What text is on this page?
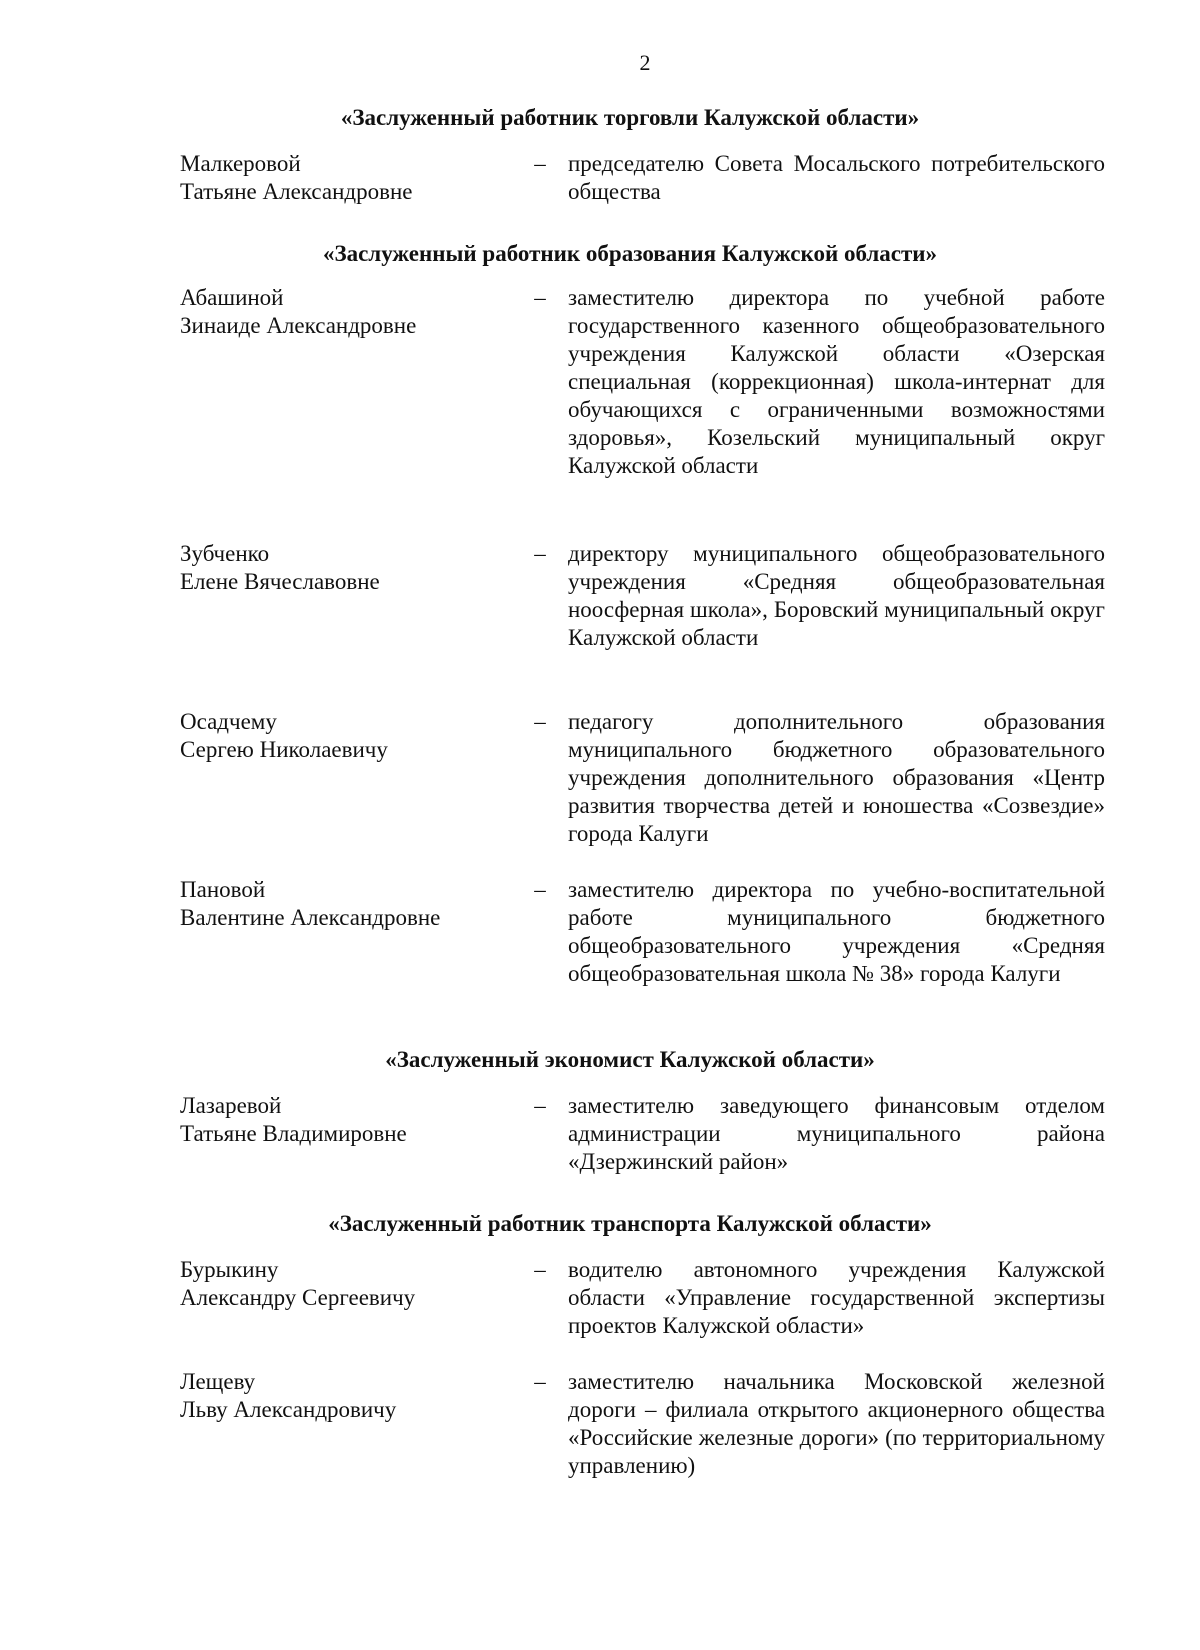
2
«Заслуженный работник торговли Калужской области»
Малкеровой
Татьяне Александровне
– председателю Совета Мосальского потребительского общества
«Заслуженный работник образования Калужской области»
Абашиной
Зинаиде Александровне
– заместителю директора по учебной работе государственного казенного общеобразовательного учреждения Калужской области «Озерская специальная (коррекционная) школа-интернат для обучающихся с ограниченными возможностями здоровья», Козельский муниципальный округ Калужской области
Зубченко
Елене Вячеславовне
– директору муниципального общеобразовательного учреждения «Средняя общеобразовательная ноосферная школа», Боровский муниципальный округ Калужской области
Осадчему
Сергею Николаевичу
– педагогу дополнительного образования муниципального бюджетного образовательного учреждения дополнительного образования «Центр развития творчества детей и юношества «Созвездие» города Калуги
Пановой
Валентине Александровне
– заместителю директора по учебно-воспитательной работе муниципального бюджетного общеобразовательного учреждения «Средняя общеобразовательная школа № 38» города Калуги
«Заслуженный экономист Калужской области»
Лазаревой
Татьяне Владимировне
– заместителю заведующего финансовым отделом администрации муниципального района «Дзержинский район»
«Заслуженный работник транспорта Калужской области»
Бурыкину
Александру Сергеевичу
– водителю автономного учреждения Калужской области «Управление государственной экспертизы проектов Калужской области»
Лещеву
Льву Александровичу
– заместителю начальника Московской железной дороги – филиала открытого акционерного общества «Российские железные дороги» (по территориальному управлению)
